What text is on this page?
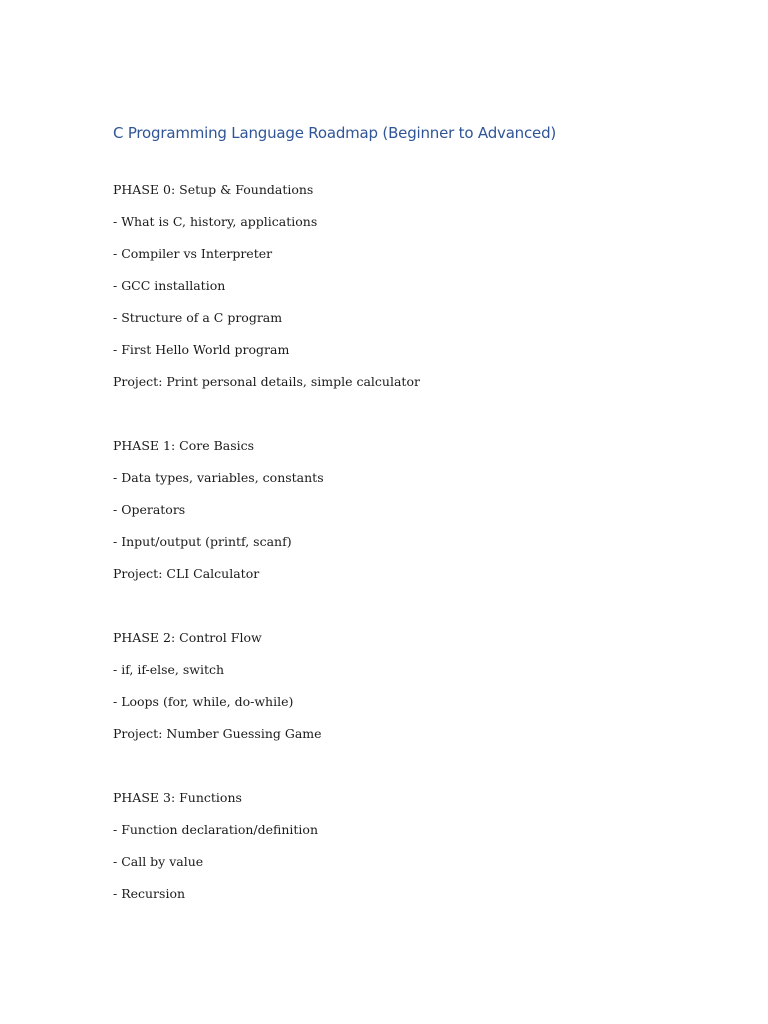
C Programming Language Roadmap (Beginner to Advanced)

PHASE 0: Setup & Foundations

- What is C, history, applications

- Compiler vs Interpreter

- GCC installation

- Structure of a C program

- First Hello World program

Project: Print personal details, simple calculator

PHASE 1: Core Basics

- Data types, variables, constants

- Operators

- Input/output (printf, scanf)

Project: CLI Calculator

PHASE 2: Control Flow

- if, if-else, switch

- Loops (for, while, do-while)

Project: Number Guessing Game

PHASE 3: Functions

- Function declaration/definition

- Call by value

- Recursion
